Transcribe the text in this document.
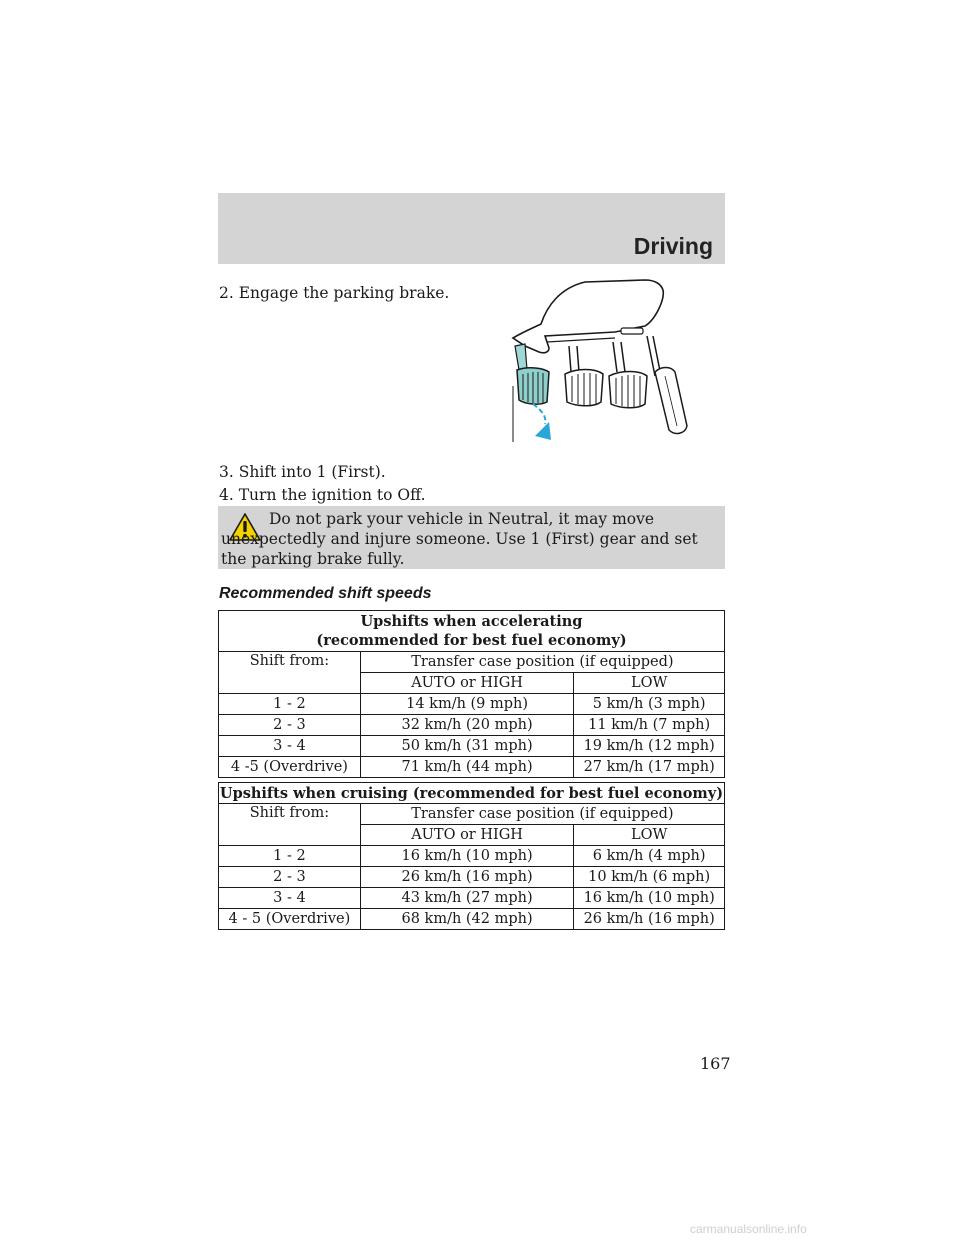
Driving
2. Engage the parking brake.
3. Shift into 1 (First).
4. Turn the ignition to Off.

Do not park your vehicle in Neutral, it may move unexpectedly and injure someone. Use 1 (First) gear and set the parking brake fully.

Recommended shift speeds
Upshifts when accelerating
(recommended for best fuel economy)		
Shift from:	Transfer case position (if equipped)	
	AUTO or HIGH	LOW
1 - 2	14 km/h (9 mph)	5 km/h (3 mph)
2 - 3	32 km/h (20 mph)	11 km/h (7 mph)
3 - 4	50 km/h (31 mph)	19 km/h (12 mph)
4 -5 (Overdrive)	71 km/h (44 mph)	27 km/h (17 mph)
Upshifts when cruising (recommended for best fuel economy)		
Shift from:	Transfer case position (if equipped)	
	AUTO or HIGH	LOW
1 - 2	16 km/h (10 mph)	6 km/h (4 mph)
2 - 3	26 km/h (16 mph)	10 km/h (6 mph)
3 - 4	43 km/h (27 mph)	16 km/h (10 mph)
4 - 5 (Overdrive)	68 km/h (42 mph)	26 km/h (16 mph)
167
carmanualsonline.info
